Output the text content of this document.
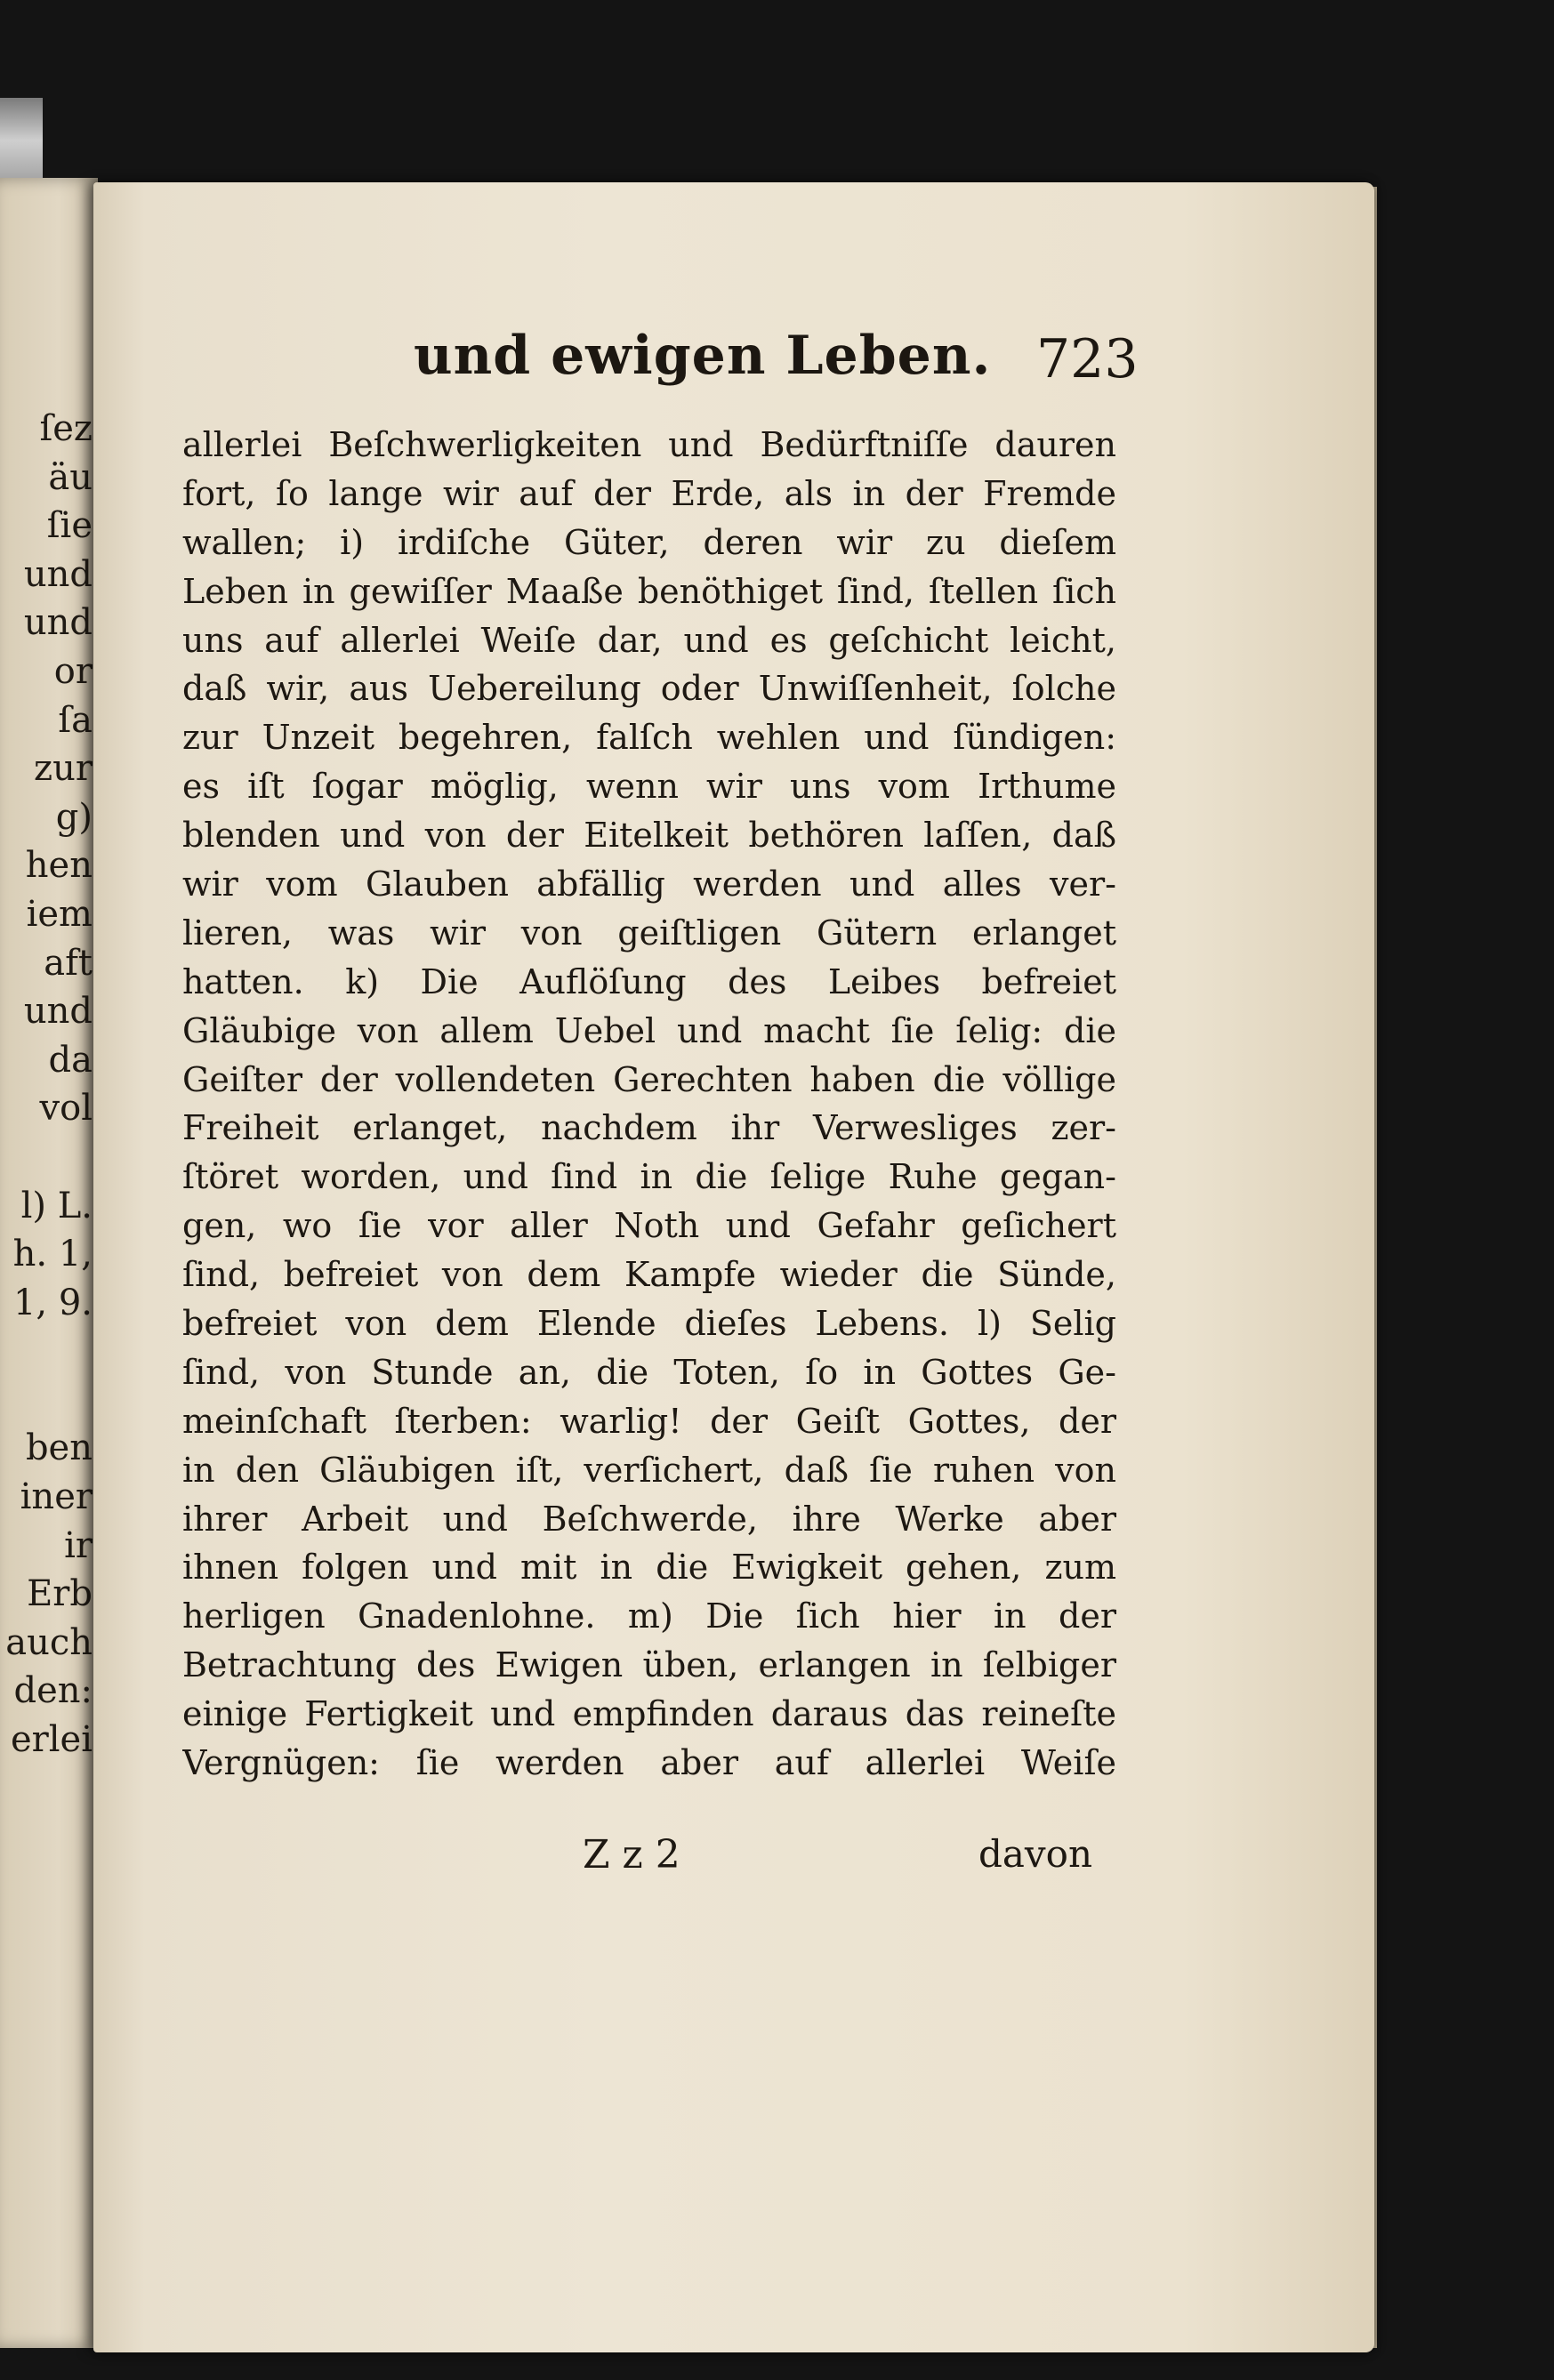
ſez
äu
ſie
und
und
or
ſa
zur
g)
hen
iem
aft
und
da
vol
l) L.
h. 1,
1, 9.
ben
iner
ir
Erb
auch
den:
erlei
und ewigen Leben. 723
allerlei Beſchwerligkeiten und Bedürftniſſe dauren
fort, ſo lange wir auf der Erde, als in der Fremde
wallen; i) irdiſche Güter, deren wir zu dieſem
Leben in gewiſſer Maaße benöthiget ſind, ſtellen ſich
uns auf allerlei Weiſe dar, und es geſchicht leicht,
daß wir, aus Uebereilung oder Unwiſſenheit, ſolche
zur Unzeit begehren, falſch wehlen und ſündigen:
es iſt ſogar möglig, wenn wir uns vom Irthume
blenden und von der Eitelkeit bethören laſſen, daß
wir vom Glauben abfällig werden und alles ver-
lieren, was wir von geiſtligen Gütern erlanget
hatten. k) Die Auflöſung des Leibes befreiet
Gläubige von allem Uebel und macht ſie ſelig: die
Geiſter der vollendeten Gerechten haben die völlige
Freiheit erlanget, nachdem ihr Verwesliges zer-
ſtöret worden, und ſind in die ſelige Ruhe gegan-
gen, wo ſie vor aller Noth und Gefahr geſichert
ſind, befreiet von dem Kampfe wieder die Sünde,
befreiet von dem Elende dieſes Lebens. l) Selig
ſind, von Stunde an, die Toten, ſo in Gottes Ge-
meinſchaft ſterben: warlig! der Geiſt Gottes, der
in den Gläubigen iſt, verſichert, daß ſie ruhen von
ihrer Arbeit und Beſchwerde, ihre Werke aber
ihnen folgen und mit in die Ewigkeit gehen, zum
herligen Gnadenlohne. m) Die ſich hier in der
Betrachtung des Ewigen üben, erlangen in ſelbiger
einige Fertigkeit und empfinden daraus das reineſte
Vergnügen: ſie werden aber auf allerlei Weiſe
Z z 2	davon
